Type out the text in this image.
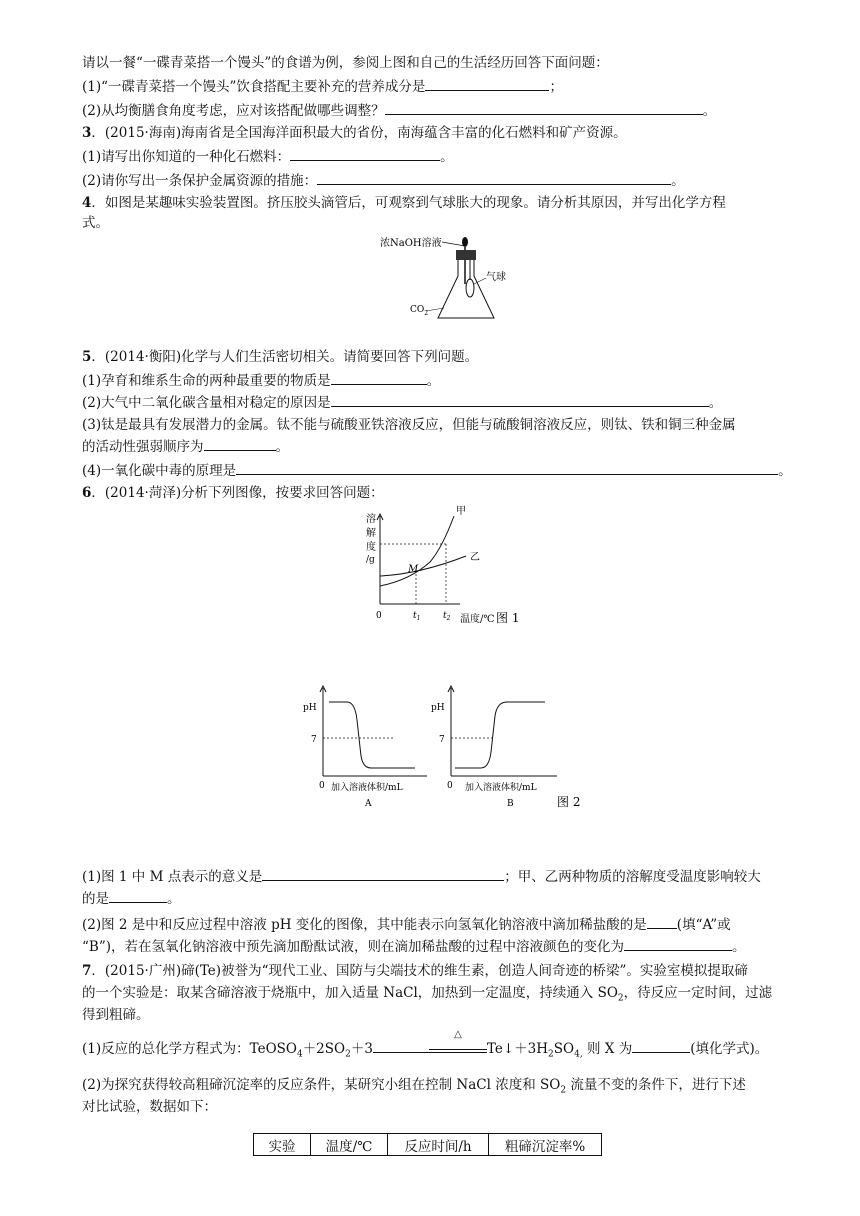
请以一餐“一碟青菜搭一个馒头”的食谱为例，参阅上图和自己的生活经历回答下面问题：
(1)“一碟青菜搭一个馒头”饮食搭配主要补充的营养成分是	；
(2)从均衡膳食角度考虑，应对该搭配做哪些调整？	。
3．(2015·海南)海南省是全国海洋面积最大的省份，南海蕴含丰富的化石燃料和矿产资源。
(1)请写出你知道的一种化石燃料：	。
(2)请你写出一条保护金属资源的措施：	。
4．如图是某趣味实验装置图。挤压胶头滴管后，可观察到气球胀大的现象。请分析其原因，并写出化学方程
式。
浓NaOH溶液
气球
$CO_2$
5．(2014·衡阳)化学与人们生活密切相关。请简要回答下列问题。
(1)孕育和维系生命的两种最重要的物质是	。
(2)大气中二氧化碳含量相对稳定的原因是	。
(3)钛是最具有发展潜力的金属。钛不能与硫酸亚铁溶液反应，但能与硫酸铜溶液反应，则钛、铁和铜三种金属
的活动性强弱顺序为	。
(4)一氧化碳中毒的原理是	。
6．(2014·菏泽)分析下列图像，按要求回答问题：
溶
解
度
/g
甲
乙
M
0	$t_1$	$t_2$ 温度/℃ 图 1
pH
7
0 加入溶液体积/mL
A
pH
7
0 加入溶液体积/mL
B	图 2
(1)图 1 中 M 点表示的意义是	；甲、乙两种物质的溶解度受温度影响较大
的是	。
(2)图 2 是中和反应过程中溶液 pH 变化的图像，其中能表示向氢氧化钠溶液中滴加稀盐酸的是 (填“A”或
“B”)，若在氢氧化钠溶液中预先滴加酚酞试液，则在滴加稀盐酸的过程中溶液颜色的变化为	。
7．(2015·广州)碲(Te)被誉为“现代工业、国防与尖端技术的维生素，创造人间奇迹的桥梁”。实验室模拟提取碲
的一个实验是：取某含碲溶液于烧瓶中，加入适量 NaCl，加热到一定温度，持续通入 $SO_2$，待反应一定时间，过滤
得到粗碲。
(1)反应的总化学方程式为：$TeOSO_4+2SO_2+3$
△
$Te↓+3H_2SO_{4,}$ 则 X 为	(填化学式)。
(2)为探究获得较高粗碲沉淀率的反应条件，某研究小组在控制 NaCl 浓度和 $SO_2$ 流量不变的条件下，进行下述
对比试验，数据如下：
实验	温度/℃	反应时间/h	粗碲沉淀率%
